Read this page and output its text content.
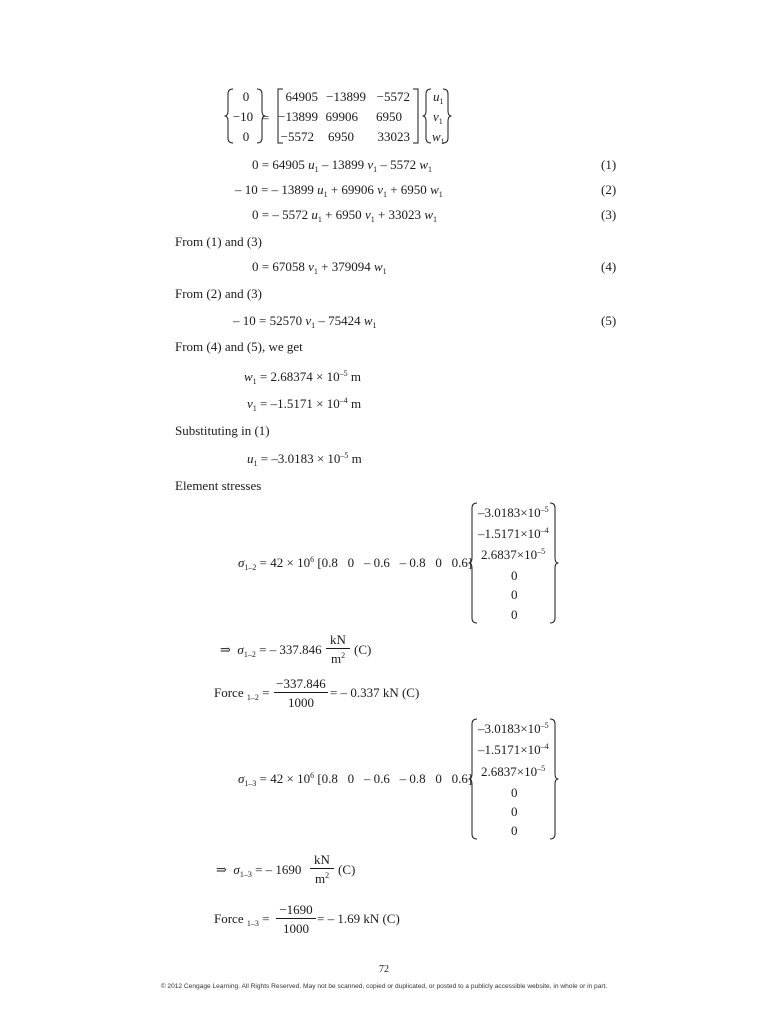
0
−10
0
=
64905 −13899 −5572
−13899 69906	6950
−5572	6950	33023
$u_1$
$v_1$
$w_1$
0 = 64905 $u_1 - 13899$ $v_1 - 5572$ $w_1$	(1)
– 10 = – 13899 $u_1 + 69906$ $v_1 + 6950$ $w_1$	(2)
0 = – 5572 $u_1 + 6950$ $v_1 + 33023$ $w_1$	(3)
From (1) and (3)
0 = 67058 $v_1 + 379094$ $w_1$	(4)
From (2) and (3)
– 10 = 52570 $v_1 - 75424$ $w_1$	(5)
From (4) and (5), we get
$w_1 = 2.68374 \times 10^{-5}$ m
$v_1 = -1.5171 \times 10^{-4}$ m
Substituting in (1)
$u_1 = -3.0183 \times 10^{-5}$ m
Element stresses
$\sigma_{1-2} = 42 \times 10^6$ [0.8   0   – 0.6   – 0.8   0   0.6]
$-3.0183\times 10^{-5}$
$-1.5171\times 10^{-4}$
$2.6837\times 10^{-5}$
0
0
0
⇒ $\sigma_{1-2}$ = – $337.846 \frac{kN}{m^2} (C)$
Force $_{1-2} = \frac{-337.846}{1000}$ = – 0.337 kN (C)
$\sigma_{1-3} = 42 \times 10^6$ [0.8   0   – 0.6   – 0.8   0   0.6]
$-3.0183\times 10^{-5}$
$-1.5171\times 10^{-4}$
$2.6837\times 10^{-5}$
0
0
0
⇒ $\sigma_{1-3}$ = – $1690 \frac{kN}{m^2} (C)$
Force $_{1-3} = \frac{-1690}{1000}$ = – 1.69 kN (C)
72
© 2012 Cengage Learning. All Rights Reserved. May not be scanned, copied or duplicated, or posted to a publicly accessible website, in whole or in part.
